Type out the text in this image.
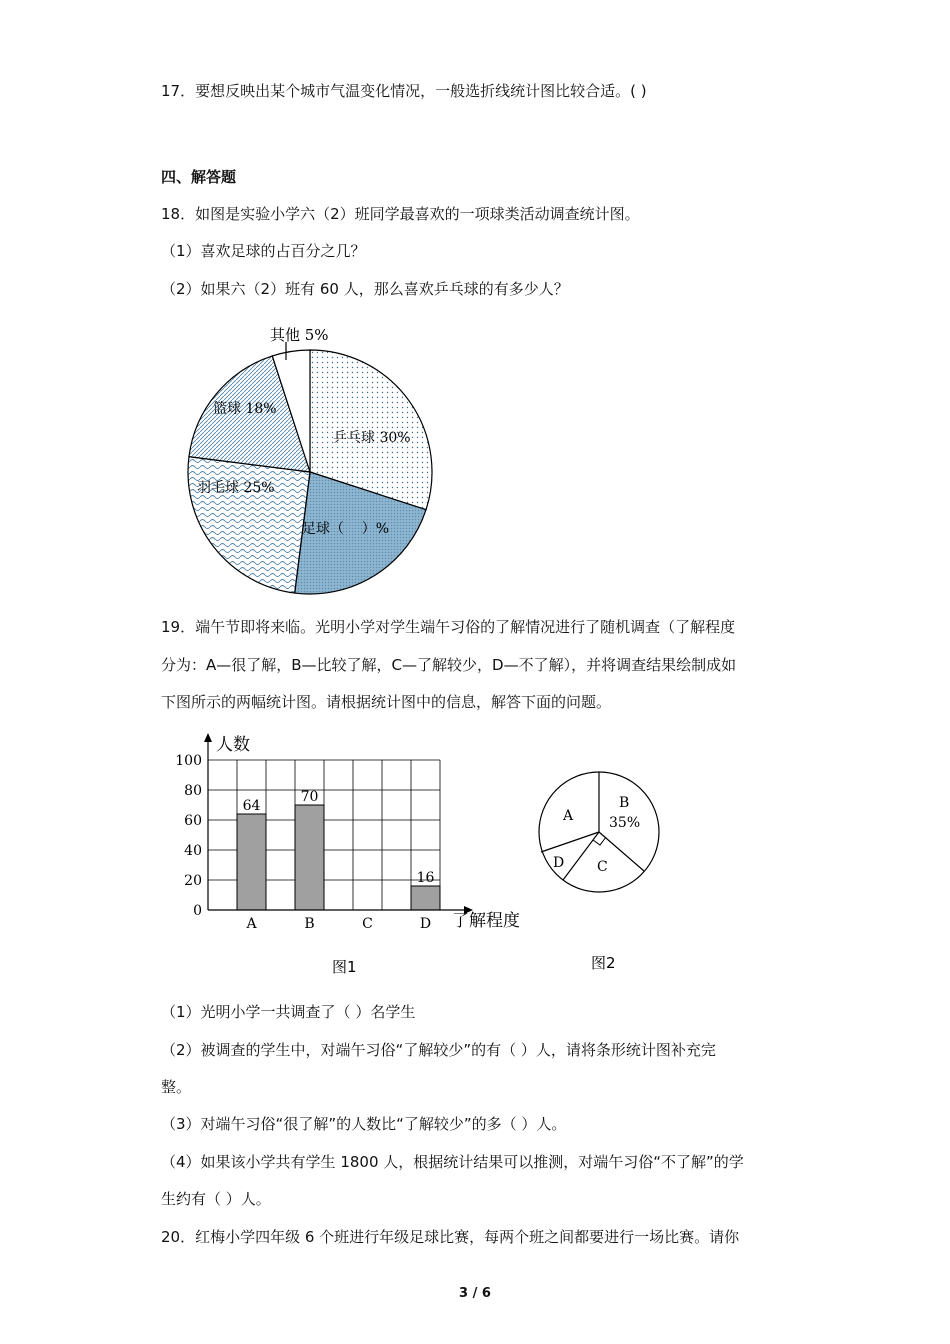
17．要想反映出某个城市气温变化情况，一般选折线统计图比较合适。( )
四、解答题
18．如图是实验小学六（2）班同学最喜欢的一项球类活动调查统计图。
（1）喜欢足球的占百分之几？
（2）如果六（2）班有 60 人，那么喜欢乒乓球的有多少人？
其他 5%
篮球 18%
乒乓球 30%
羽毛球 25%
足球（    ）%
19．端午节即将来临。光明小学对学生端午习俗的了解情况进行了随机调查（了解程度
分为：A—很了解，B—比较了解，C—了解较少，D—不了解），并将调查结果绘制成如
下图所示的两幅统计图。请根据统计图中的信息，解答下面的问题。
64
70
16
0
20
40
60
80
100
A	B	C	D
人数
了解程度
图1
B
35%
A
C
D
图2
（1）光明小学一共调查了（ ）名学生
（2）被调查的学生中，对端午习俗“了解较少”的有（ ）人，请将条形统计图补充完
整。
（3）对端午习俗“很了解”的人数比“了解较少”的多（ ）人。
（4）如果该小学共有学生 1800 人，根据统计结果可以推测，对端午习俗“不了解”的学
生约有（ ）人。
20．红梅小学四年级 6 个班进行年级足球比赛，每两个班之间都要进行一场比赛。请你
3 / 6
